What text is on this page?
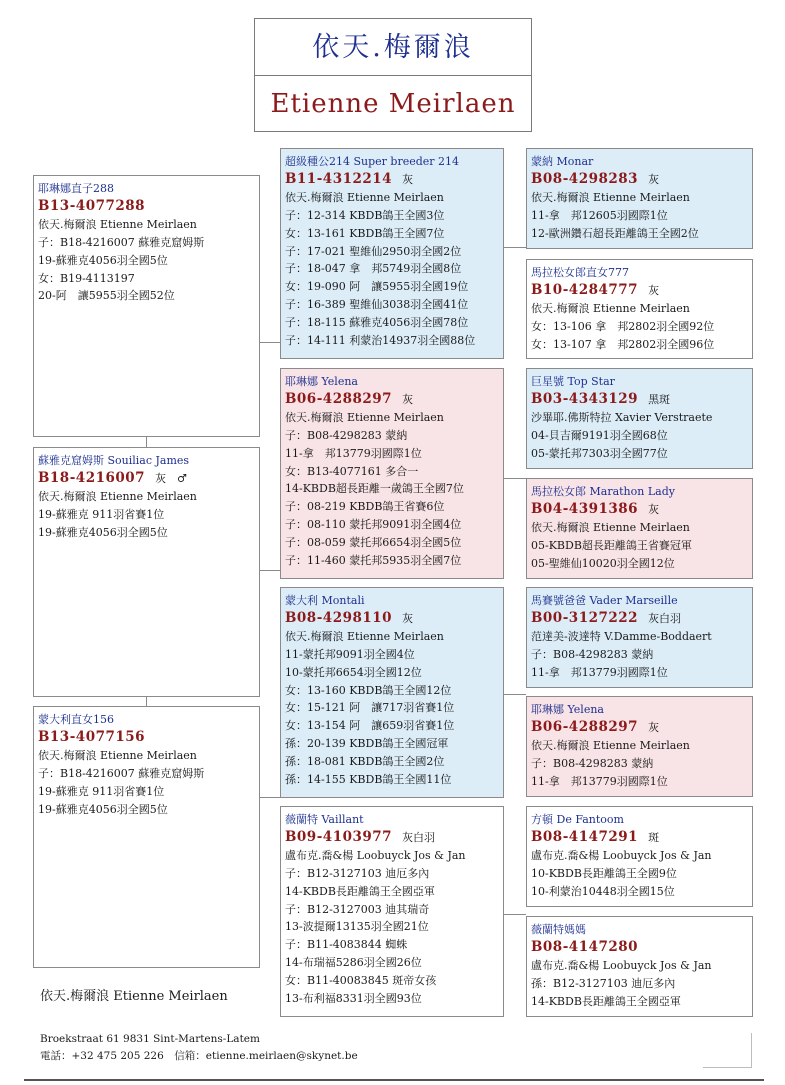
依天.梅爾浪
Etienne Meirlaen
耶琳娜直子288
B13-4077288
依天.梅爾浪 Etienne Meirlaen
子：B18-4216007 蘇雅克窟姆斯
19-蘇雅克4056羽全國5位
女：B19-4113197
20-阿　讓5955羽全國52位
蘇雅克窟姆斯 Souiliac James
B18-4216007 灰　♂
依天.梅爾浪 Etienne Meirlaen
19-蘇雅克 911羽省賽1位
19-蘇雅克4056羽全國5位
蒙大利直女156
B13-4077156
依天.梅爾浪 Etienne Meirlaen
子：B18-4216007 蘇雅克窟姆斯
19-蘇雅克 911羽省賽1位
19-蘇雅克4056羽全國5位
超級種公214 Super breeder 214
B11-4312214 灰
依天.梅爾浪 Etienne Meirlaen
子：12-314 KBDB鴿王全國3位
女：13-161 KBDB鴿王全國7位
子：17-021 聖維仙2950羽全國2位
子：18-047 拿　邦5749羽全國8位
女：19-090 阿　讓5955羽全國19位
子：16-389 聖維仙3038羽全國41位
子：18-115 蘇雅克4056羽全國78位
子：14-111 利蒙治14937羽全國88位
耶琳娜 Yelena
B06-4288297 灰
依天.梅爾浪 Etienne Meirlaen
子：B08-4298283 蒙納
11-拿　邦13779羽國際1位
女：B13-4077161 多合一
14-KBDB超長距離一歲鴿王全國7位
子：08-219 KBDB鴿王省賽6位
子：08-110 蒙托邦9091羽全國4位
子：08-059 蒙托邦6654羽全國5位
子：11-460 蒙托邦5935羽全國7位
蒙大利 Montali
B08-4298110 灰
依天.梅爾浪 Etienne Meirlaen
11-蒙托邦9091羽全國4位
10-蒙托邦6654羽全國12位
女：13-160 KBDB鴿王全國12位
女：15-121 阿　讓717羽省賽1位
女：13-154 阿　讓659羽省賽1位
孫：20-139 KBDB鴿王全國冠軍
孫：18-081 KBDB鴿王全國2位
孫：14-155 KBDB鴿王全國11位
薇蘭特 Vaillant
B09-4103977 灰白羽
盧布克.喬&楊 Loobuyck Jos & Jan
子：B12-3127103 迪厄多內
14-KBDB長距離鴿王全國亞軍
子：B12-3127003 迪其瑞奇
13-波提爾13135羽全國21位
子：B11-4083844 蜘蛛
14-布瑞福5286羽全國26位
女：B11-40083845 斑帝女孩
13-布利福8331羽全國93位
蒙納 Monar
B08-4298283 灰
依天.梅爾浪 Etienne Meirlaen
11-拿　邦12605羽國際1位
12-歐洲鑽石超長距離鴿王全國2位
馬拉松女郎直女777
B10-4284777 灰
依天.梅爾浪 Etienne Meirlaen
女：13-106 拿　邦2802羽全國92位
女：13-107 拿　邦2802羽全國96位
巨星號 Top Star
B03-4343129 黑斑
沙畢耶.佛斯特拉 Xavier Verstraete
04-貝吉爾9191羽全國68位
05-蒙托邦7303羽全國77位
馬拉松女郎 Marathon Lady
B04-4391386 灰
依天.梅爾浪 Etienne Meirlaen
05-KBDB超長距離鴿王省賽冠軍
05-聖維仙10020羽全國12位
馬賽號爸爸 Vader Marseille
B00-3127222 灰白羽
范達美-波達特 V.Damme-Boddaert
子：B08-4298283 蒙納
11-拿　邦13779羽國際1位
耶琳娜 Yelena
B06-4288297 灰
依天.梅爾浪 Etienne Meirlaen
子：B08-4298283 蒙納
11-拿　邦13779羽國際1位
方頓 De Fantoom
B08-4147291 斑
盧布克.喬&楊 Loobuyck Jos & Jan
10-KBDB長距離鴿王全國9位
10-利蒙治10448羽全國15位
薇蘭特媽媽
B08-4147280
盧布克.喬&楊 Loobuyck Jos & Jan
孫：B12-3127103 迪厄多內
14-KBDB長距離鴿王全國亞軍
依天.梅爾浪 Etienne Meirlaen
Broekstraat 61 9831 Sint-Martens-Latem
電話：+32 475 205 226　信箱：etienne.meirlaen@skynet.be
